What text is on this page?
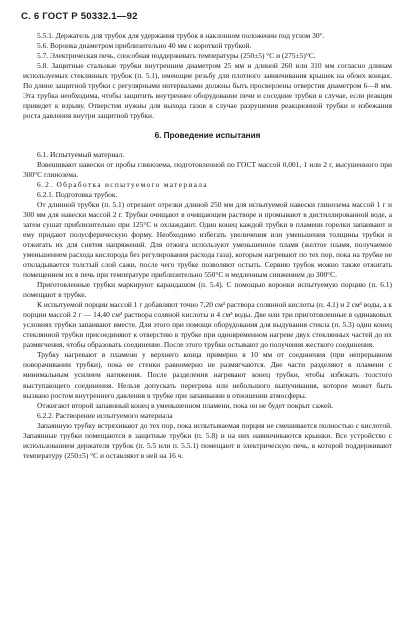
С. 6 ГОСТ Р 50332.1—92

5.5.1. Держатель для трубок для удержания трубок в наклонном положении под углом 30°.

5.6. Воронка диаметром приблизительно 40 мм с короткой трубкой.

5.7. Электрическая печь, способная поддерживать температуры (250±5) °С и (275±5)°С.

5.8. Защитные стальные трубки внутренним диаметром 25 мм и длиной 260 или 310 мм согласно длинам используемых стеклянных трубок (п. 5.1), имеющие резьбу для плотного завинчивания крышек на обоих концах. По длине защитной трубки с регулярными интервалами должны быть просверлены отверстия диаметром 6—8 мм. Эта трубка необходима, чтобы защитить внутреннее оборудование печи и соседние трубки в случае, если реакция приведет к взрыву. Отверстия нужны для выхода газов в случае разрушения реакционной трубки и избежания роста давления внутри защитной трубки.

6. Проведение испытания

6.1. Испытуемый материал.

Взвешивают навески от пробы глинозема, подготовленной по ГОСТ массой 0,001, 1 или 2 г, высушенного при 300°С глинозема.

6.2. Обработка испытуемого материала

6.2.1. Подготовка трубок.

От длинной трубки (п. 5.1) отрезают отрезки длиной 250 мм для испытуемой навески глинозема массой 1 г и 300 мм для навески массой 2 г. Трубки очищают в очищающем растворе и промывают в дистиллированной воде, а затем сушат приблизительно при 125°С и охлаждают. Один конец каждой трубки в пламени горелки запаивают и ему придают полусферическую форму. Необходимо избегать увеличения или уменьшения толщины трубки и отжигать их для снятия напряжений. Для отжига используют уменьшенное пламя (желтое пламя, получаемое уменьшением расхода кислорода без регулирования расхода газа), которым нагревают по тех пор, пока на трубке не откладывается толстый слой сажи, после чего трубке позволяют остыть. Сервию трубок можно также отжигать помещением их в печь при температуре приблизительно 550°С и медленным снижением до 300°С.

Приготовленные трубки маркируют карандашом (п. 5.4). С помощью воронки испытуемую порцию (п. 6.1) помещают в трубке.

К испытуемой порции массой 1 г добавляют точно 7,20 см³ раствора солянной кислоты (п. 4.1) и 2 см³ воды, а к порции массой 2 г — 14,40 см³ раствора соляной кислоты и 4 см³ воды. Две или три приготовленные в одинаковых условиях трубки запаивают вместе. Для этого при помощи оборудования для выдувания стекла (п. 5.3) один конец стеклянной трубки присоединяют к отверстию в трубке при одновременном нагреве двух стеклянных частей до их размягчения, чтобы образовать соединение. После этого трубки остывают до получения жесткого соединения.

Трубку нагревают в пламени у верхнего конца примерно в 10 мм от соединения (при непрерывном поворачивании трубки), пока ее стенки равномерно не размягчаются. Две части разделяют в пламени с минимальным усилием натяжения. После разделения нагревают конец трубки, чтобы избежать толстого выступающего соединения. Нельзя допускать перегрева или небольшого выпучивания, которое может быть вызвано ростом внутреннего давления в трубке при запаивании в отношении атмосферы.

Отжигают второй запаянный конец в уменьшенном пламени, пока он не будет покрыт сажей.

6.2.2. Растворение испытуемого материала

Запаянную трубку встряхивают до тех пор, пока испытываемая порция не смешивается полностью с кислотой. Запаянные трубки помещаются в защитные трубки (п. 5.8) и на них навинчиваются крышки. Все устройство с использованием держателя трубок (п. 5.5 или п. 5.5.1) помещают в электрическую печь, в которой поддерживают температуру (250±5) °С и оставляют в ней на 16 ч.
